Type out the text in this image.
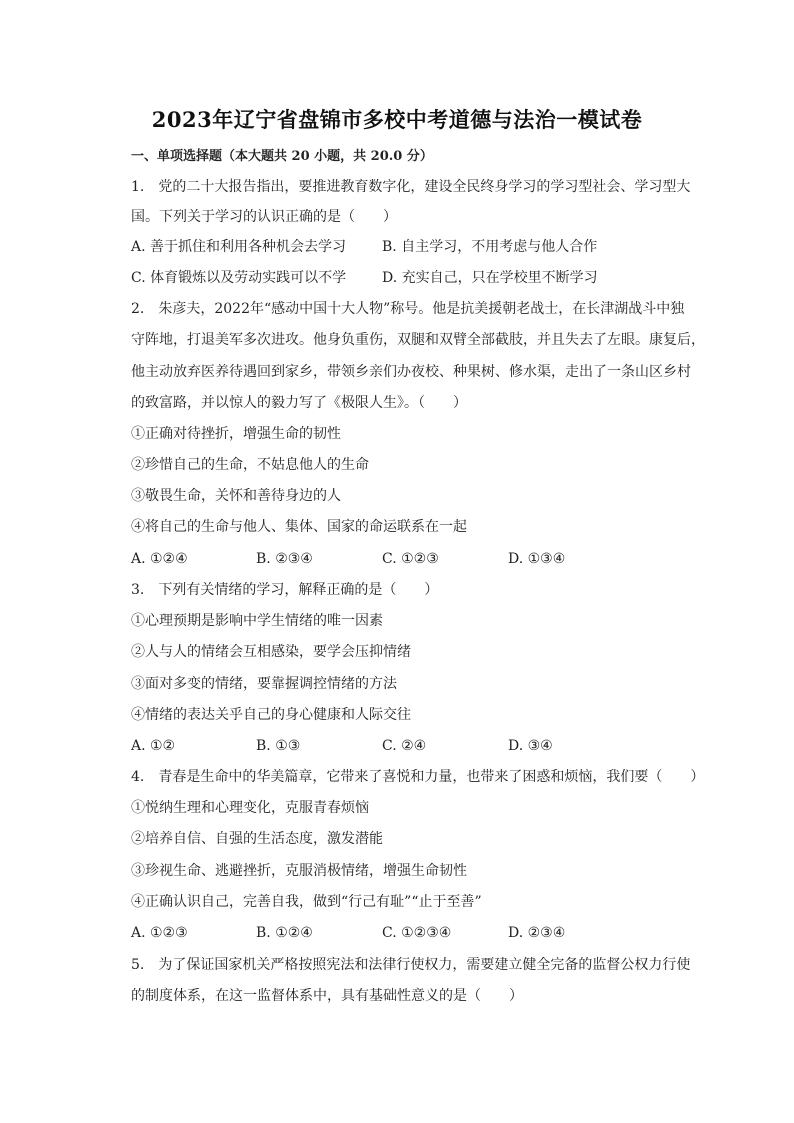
2023年辽宁省盘锦市多校中考道德与法治一模试卷
一、单项选择题（本大题共 20 小题，共 20.0 分）
1.　党的二十大报告指出，要推进教育数字化，建设全民终身学习的学习型社会、学习型大
国。下列关于学习的认识正确的是（　　）
A. 善于抓住和利用各种机会去学习	B. 自主学习，不用考虑与他人合作
C. 体育锻炼以及劳动实践可以不学	D. 充实自己，只在学校里不断学习
2.　朱彦夫，2022年“感动中国十大人物”称号。他是抗美援朝老战士，在长津湖战斗中独
守阵地，打退美军多次进攻。他身负重伤，双腿和双臂全部截肢，并且失去了左眼。康复后，
他主动放弃医养待遇回到家乡，带领乡亲们办夜校、种果树、修水渠，走出了一条山区乡村
的致富路，并以惊人的毅力写了《极限人生》。（　　）
①正确对待挫折，增强生命的韧性
②珍惜自己的生命，不姑息他人的生命
③敬畏生命，关怀和善待身边的人
④将自己的生命与他人、集体、国家的命运联系在一起
A. ①②④	B. ②③④	C. ①②③	D. ①③④
3.　下列有关情绪的学习，解释正确的是（　　）
①心理预期是影响中学生情绪的唯一因素
②人与人的情绪会互相感染，要学会压抑情绪
③面对多变的情绪，要靠握调控情绪的方法
④情绪的表达关乎自己的身心健康和人际交往
A. ①②	B. ①③	C. ②④	D. ③④
4.　青春是生命中的华美篇章，它带来了喜悦和力量，也带来了困惑和烦恼，我们要（　　）
①悦纳生理和心理变化，克服青春烦恼
②培养自信、自强的生活态度，激发潜能
③珍视生命、逃避挫折，克服消极情绪，增强生命韧性
④正确认识自己，完善自我，做到“行己有耻”“止于至善”
A. ①②③	B. ①②④	C. ①②③④	D. ②③④
5.　为了保证国家机关严格按照宪法和法律行使权力，需要建立健全完备的监督公权力行使
的制度体系，在这一监督体系中，具有基础性意义的是（　　）
